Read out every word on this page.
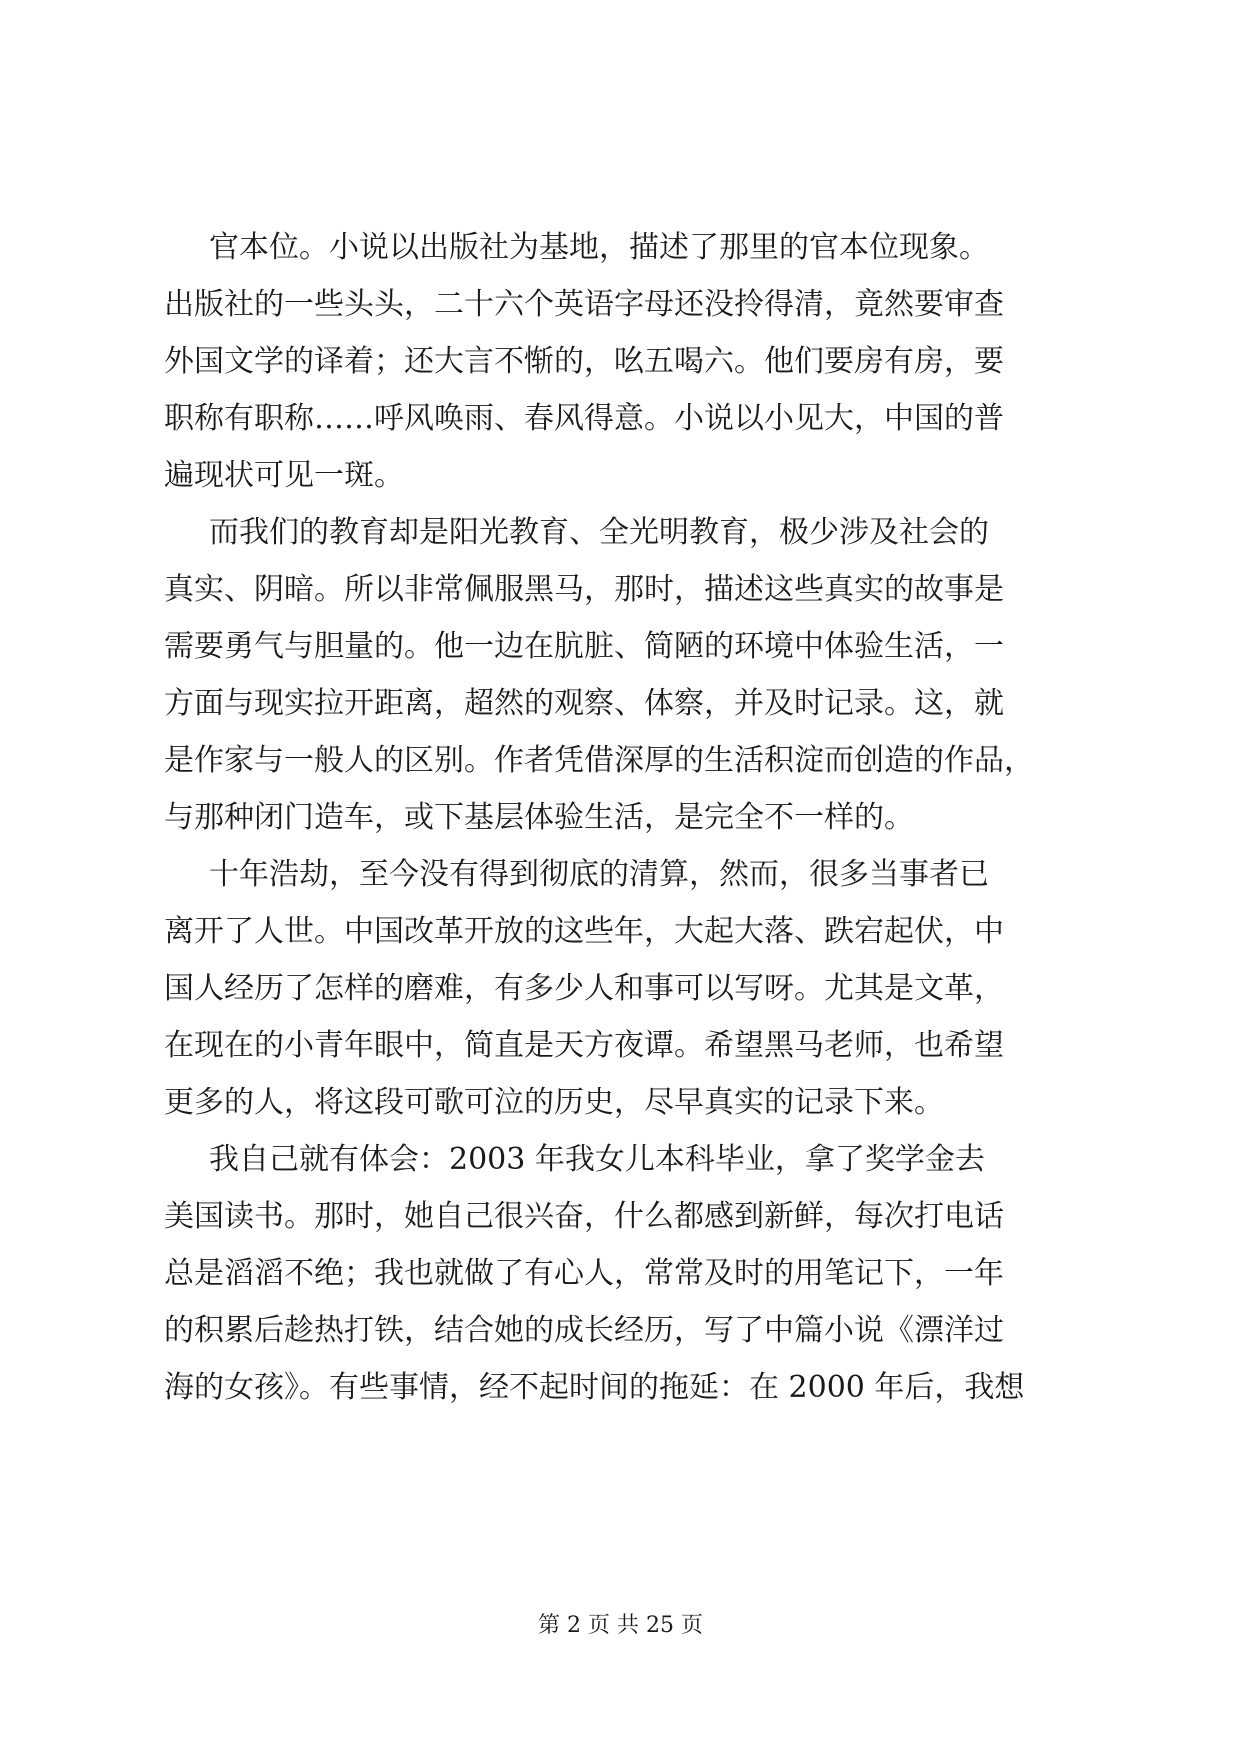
官本位。小说以出版社为基地，描述了那里的官本位现象。
出版社的一些头头，二十六个英语字母还没拎得清，竟然要审查
外国文学的译着；还大言不惭的，吆五喝六。他们要房有房，要
职称有职称……呼风唤雨、春风得意。小说以小见大，中国的普
遍现状可见一斑。
而我们的教育却是阳光教育、全光明教育，极少涉及社会的
真实、阴暗。所以非常佩服黑马，那时，描述这些真实的故事是
需要勇气与胆量的。他一边在肮脏、简陋的环境中体验生活，一
方面与现实拉开距离，超然的观察、体察，并及时记录。这，就
是作家与一般人的区别。作者凭借深厚的生活积淀而创造的作品，
与那种闭门造车，或下基层体验生活，是完全不一样的。
十年浩劫，至今没有得到彻底的清算，然而，很多当事者已
离开了人世。中国改革开放的这些年，大起大落、跌宕起伏，中
国人经历了怎样的磨难，有多少人和事可以写呀。尤其是文革，
在现在的小青年眼中，简直是天方夜谭。希望黑马老师，也希望
更多的人，将这段可歌可泣的历史，尽早真实的记录下来。
我自己就有体会：2003 年我女儿本科毕业，拿了奖学金去
美国读书。那时，她自己很兴奋，什么都感到新鲜，每次打电话
总是滔滔不绝；我也就做了有心人，常常及时的用笔记下，一年
的积累后趁热打铁，结合她的成长经历，写了中篇小说《漂洋过
海的女孩》。有些事情，经不起时间的拖延：在 2000 年后，我想
第 2 页 共 25 页
